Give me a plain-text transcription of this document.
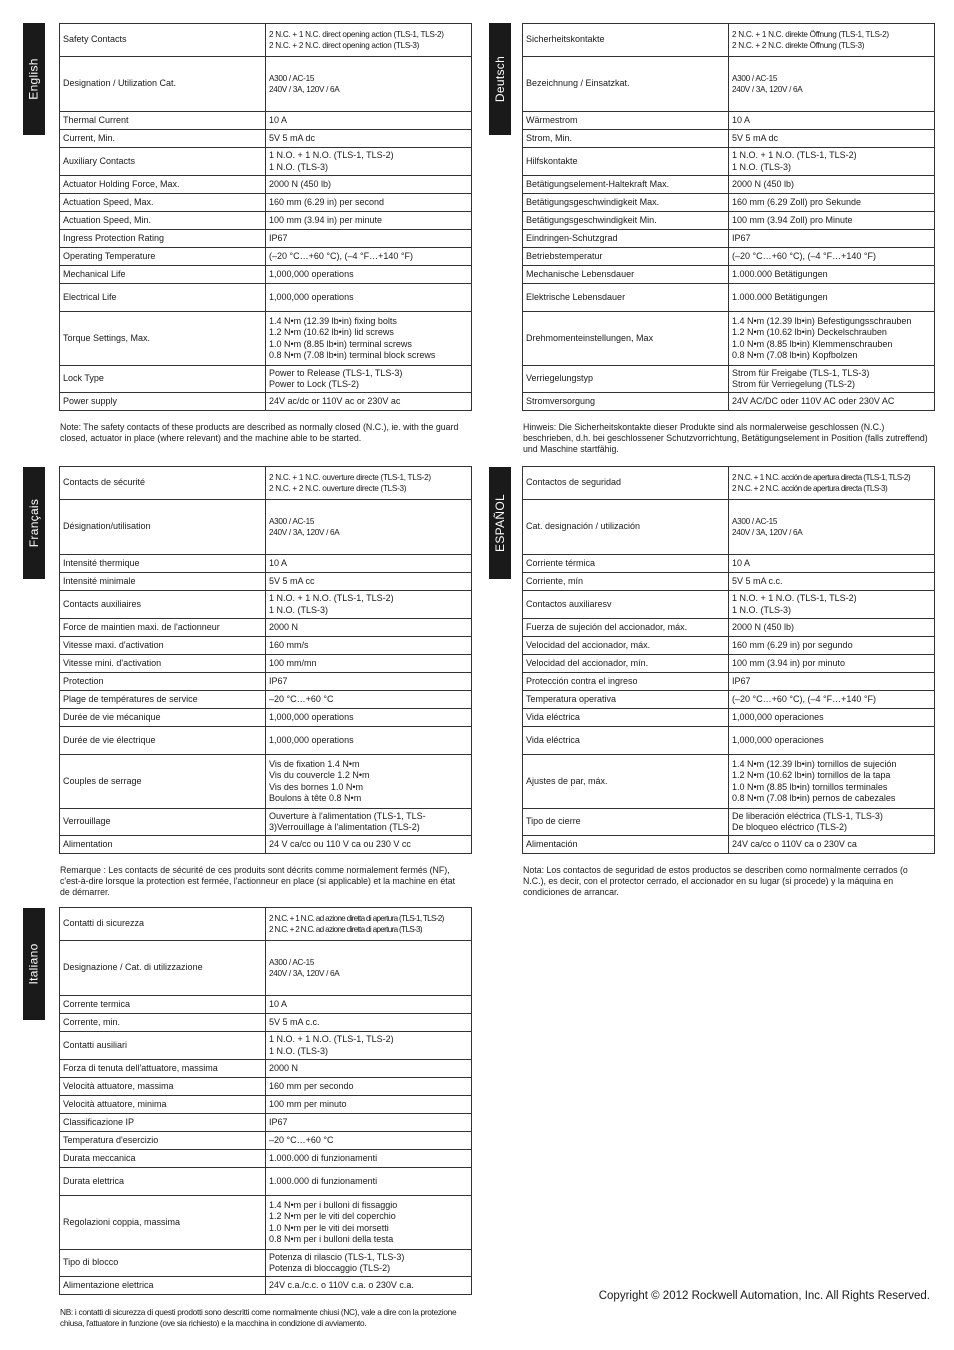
English
Safety Contacts	2 N.C. + 1 N.C. direct opening action (TLS-1, TLS-2)
2 N.C. + 2 N.C. direct opening action (TLS-3)
Designation / Utilization Cat.	A300 / AC-15
240V / 3A, 120V / 6A
Thermal Current	10 A
Current, Min.	5V 5 mA dc
Auxiliary Contacts	1 N.O. + 1 N.O. (TLS-1, TLS-2)
1 N.O. (TLS-3)
Actuator Holding Force, Max.	2000 N (450 lb)
Actuation Speed, Max.	160 mm (6.29 in) per second
Actuation Speed, Min.	100 mm (3.94 in) per minute
Ingress Protection Rating	IP67
Operating Temperature	(–20 °C…+60 °C), (–4 °F…+140 °F)
Mechanical Life	1,000,000 operations
Electrical Life	1,000,000 operations
Torque Settings, Max.	1.4 N•m (12.39 lb•in) fixing bolts
1.2 N•m (10.62 lb•in) lid screws
1.0 N•m (8.85 lb•in) terminal screws
0.8 N•m (7.08 lb•in) terminal block screws
Lock Type	Power to Release (TLS-1, TLS-3)
Power to Lock (TLS-2)
Power supply	24V ac/dc or 110V ac or 230V ac

Note: The safety contacts of these products are described as normally closed (N.C.), ie. with the guard closed, actuator in place (where relevant) and the machine able to be started.

Deutsch
Sicherheitskontakte	2 N.C. + 1 N.C. direkte Öffnung (TLS-1, TLS-2)
2 N.C. + 2 N.C. direkte Öffnung (TLS-3)
Bezeichnung / Einsatzkat.	A300 / AC-15
240V / 3A, 120V / 6A
Wärmestrom	10 A
Strom, Min.	5V 5 mA dc
Hilfskontakte	1 N.O. + 1 N.O. (TLS-1, TLS-2)
1 N.O. (TLS-3)
Betätigungselement-Haltekraft Max.	2000 N (450 lb)
Betätigungsgeschwindigkeit Max.	160 mm (6.29 Zoll) pro Sekunde
Betätigungsgeschwindigkeit Min.	100 mm (3.94 Zoll) pro Minute
Eindringen-Schutzgrad	IP67
Betriebstemperatur	(–20 °C…+60 °C), (–4 °F…+140 °F)
Mechanische Lebensdauer	1.000.000 Betätigungen
Elektrische Lebensdauer	1.000.000 Betätigungen
Drehmomenteinstellungen, Max	1.4 N•m (12.39 lb•in) Befestigungsschrauben
1.2 N•m (10.62 lb•in) Deckelschrauben
1.0 N•m (8.85 lb•in) Klemmenschrauben
0.8 N•m (7.08 lb•in) Kopfbolzen
Verriegelungstyp	Strom für Freigabe (TLS-1, TLS-3)
Strom für Verriegelung (TLS-2)
Stromversorgung	24V AC/DC oder 110V AC oder 230V AC

Hinweis: Die Sicherheitskontakte dieser Produkte sind als normalerweise geschlossen (N.C.) beschrieben, d.h. bei geschlossener Schutzvorrichtung, Betätigungselement in Position (falls zutreffend) und Maschine startfähig.

Français
Contacts de sécurité	2 N.C. + 1 N.C. ouverture directe (TLS-1, TLS-2)
2 N.C. + 2 N.C. ouverture directe (TLS-3)
Désignation/utilisation	A300 / AC-15
240V / 3A, 120V / 6A
Intensité thermique	10 A
Intensité minimale	5V 5 mA cc
Contacts auxiliaires	1 N.O. + 1 N.O. (TLS-1, TLS-2)
1 N.O. (TLS-3)
Force de maintien maxi. de l'actionneur	2000 N
Vitesse maxi. d'activation	160 mm/s
Vitesse mini. d'activation	100 mm/mn
Protection	IP67
Plage de températures de service	–20 °C…+60 °C
Durée de vie mécanique	1,000,000 operations
Durée de vie électrique	1,000,000 operations
Couples de serrage	Vis de fixation 1.4 N•m
Vis du couvercle 1.2 N•m
Vis des bornes 1.0 N•m
Boulons à tête 0.8 N•m
Verrouillage	Ouverture à l'alimentation (TLS-1, TLS-3)Verrouillage à l'alimentation (TLS-2)
Alimentation	24 V ca/cc ou 110 V ca ou 230 V cc

Remarque : Les contacts de sécurité de ces produits sont décrits comme normalement fermés (NF), c'est-à-dire lorsque la protection est fermée, l'actionneur en place (si applicable) et la machine en état de démarrer.

ESPAÑOL
Contactos de seguridad	2 N.C. + 1 N.C. acción de apertura directa (TLS-1, TLS-2)
2 N.C. + 2 N.C. acción de apertura directa (TLS-3)
Cat. designación / utilización	A300 / AC-15
240V / 3A, 120V / 6A
Corriente térmica	10 A
Corriente, mín	5V 5 mA c.c.
Contactos auxiliaresv	1 N.O. + 1 N.O. (TLS-1, TLS-2)
1 N.O. (TLS-3)
Fuerza de sujeción del accionador, máx.	2000 N (450 lb)
Velocidad del accionador, máx.	160 mm (6.29 in) por segundo
Velocidad del accionador, mín.	100 mm (3.94 in) por minuto
Protección contra el ingreso	IP67
Temperatura operativa	(–20 °C…+60 °C), (–4 °F…+140 °F)
Vida eléctrica	1,000,000 operaciones
Vida eléctrica	1,000,000 operaciones
Ajustes de par, máx.	1.4 N•m (12.39 lb•in) tornillos de sujeción
1.2 N•m (10.62 lb•in) tornillos de la tapa
1.0 N•m (8.85 lb•in) tornillos terminales
0.8 N•m (7.08 lb•in) pernos de cabezales
Tipo de cierre	De liberación eléctrica (TLS-1, TLS-3)
De bloqueo eléctrico (TLS-2)
Alimentación	24V ca/cc o 110V ca o 230V ca

Nota: Los contactos de seguridad de estos productos se describen como normalmente cerrados (o N.C.), es decir, con el protector cerrado, el accionador en su lugar (si procede) y la máquina en condiciones de arrancar.

Italiano
Contatti di sicurezza	2 N.C. + 1 N.C. ad azione diretta di apertura (TLS-1, TLS-2)
2 N.C. + 2 N.C. ad azione diretta di apertura (TLS-3)
Designazione / Cat. di utilizzazione	A300 / AC-15
240V / 3A, 120V / 6A
Corrente termica	10 A
Corrente, min.	5V 5 mA c.c.
Contatti ausiliari	1 N.O. + 1 N.O. (TLS-1, TLS-2)
1 N.O. (TLS-3)
Forza di tenuta dell'attuatore, massima	2000 N
Velocità attuatore, massima	160 mm per secondo
Velocità attuatore, minima	100 mm per minuto
Classificazione IP	IP67
Temperatura d'esercizio	–20 °C…+60 °C
Durata meccanica	1.000.000 di funzionamenti
Durata elettrica	1.000.000 di funzionamenti
Regolazioni coppia, massima	1.4 N•m per i bulloni di fissaggio
1.2 N•m per le viti del coperchio
1.0 N•m per le viti dei morsetti
0.8 N•m per i bulloni della testa
Tipo di blocco	Potenza di rilascio (TLS-1, TLS-3)
Potenza di bloccaggio (TLS-2)
Alimentazione elettrica	24V c.a./c.c. o 110V c.a. o 230V c.a.

NB: i contatti di sicurezza di questi prodotti sono descritti come normalmente chiusi (NC), vale a dire con la protezione chiusa, l'attuatore in funzione (ove sia richiesto) e la macchina in condizione di avviamento.

Copyright © 2012 Rockwell Automation, Inc. All Rights Reserved.
